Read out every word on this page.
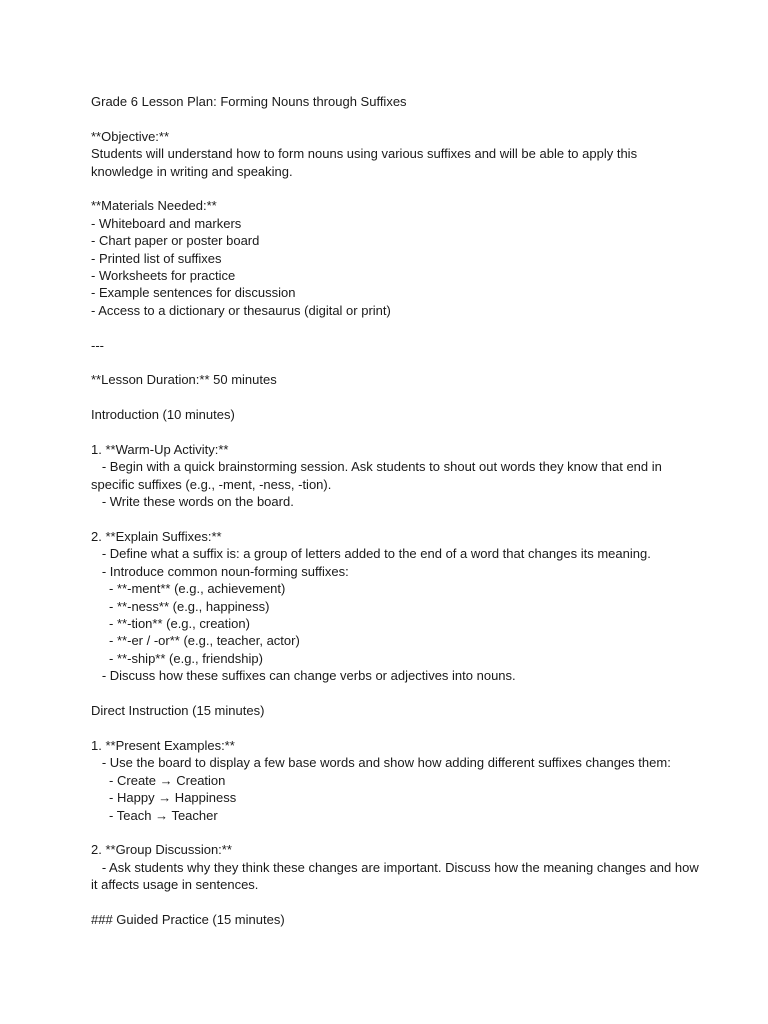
Grade 6 Lesson Plan: Forming Nouns through Suffixes
**Objective:**
Students will understand how to form nouns using various suffixes and will be able to apply this
knowledge in writing and speaking.
**Materials Needed:**
- Whiteboard and markers
- Chart paper or poster board
- Printed list of suffixes
- Worksheets for practice
- Example sentences for discussion
- Access to a dictionary or thesaurus (digital or print)
---
**Lesson Duration:** 50 minutes
Introduction (10 minutes)
1. **Warm-Up Activity:**
- Begin with a quick brainstorming session. Ask students to shout out words they know that end in
specific suffixes (e.g., -ment, -ness, -tion).
- Write these words on the board.
2. **Explain Suffixes:**
- Define what a suffix is: a group of letters added to the end of a word that changes its meaning.
- Introduce common noun-forming suffixes:
- **-ment** (e.g., achievement)
- **-ness** (e.g., happiness)
- **-tion** (e.g., creation)
- **-er / -or** (e.g., teacher, actor)
- **-ship** (e.g., friendship)
- Discuss how these suffixes can change verbs or adjectives into nouns.
Direct Instruction (15 minutes)
1. **Present Examples:**
- Use the board to display a few base words and show how adding different suffixes changes them:
- Create → Creation
- Happy → Happiness
- Teach → Teacher
2. **Group Discussion:**
- Ask students why they think these changes are important. Discuss how the meaning changes and how
it affects usage in sentences.
### Guided Practice (15 minutes)
